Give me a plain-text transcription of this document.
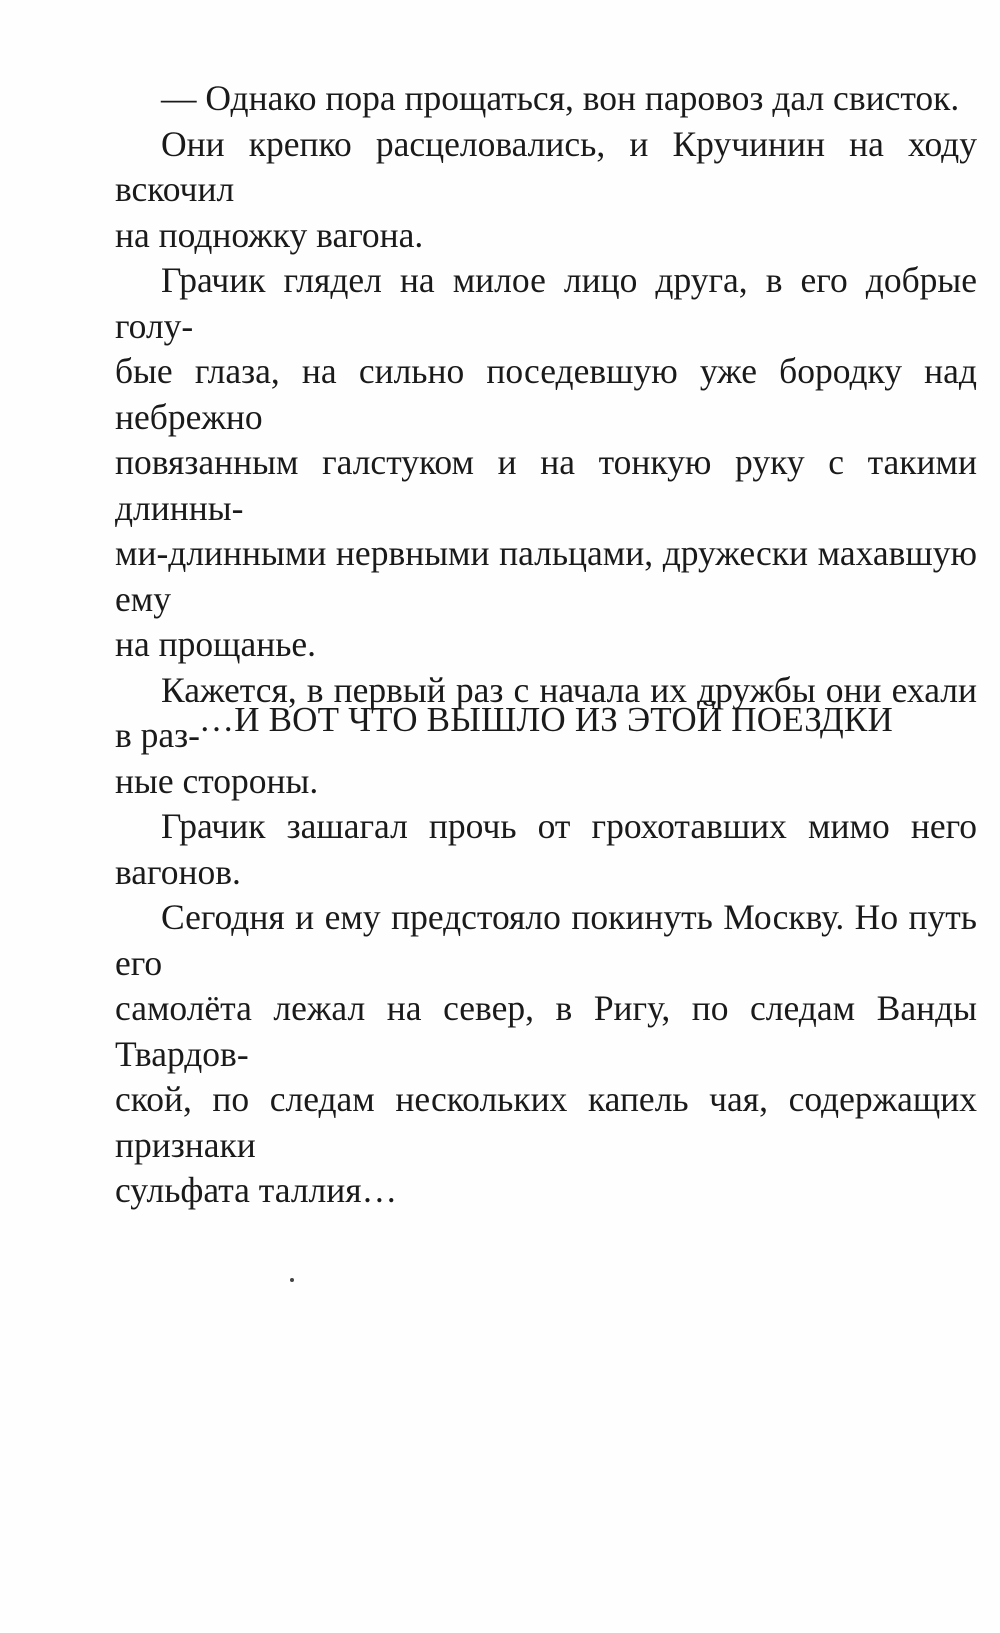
— Однако пора прощаться, вон паровоз дал свисток.

Они крепко расцеловались, и Кручинин на ходу вскочил
на подножку вагона.

Грачик глядел на милое лицо друга, в его добрые голу-
бые глаза, на сильно поседевшую уже бородку над небрежно
повязанным галстуком и на тонкую руку с такими длинны-
ми-длинными нервными пальцами, дружески махавшую ему
на прощанье.

Кажется, в первый раз с начала их дружбы они ехали в раз-
ные стороны.

Грачик зашагал прочь от грохотавших мимо него вагонов.

Сегодня и ему предстояло покинуть Москву. Но путь его
самолёта лежал на север, в Ригу, по следам Ванды Твардов-
ской, по следам нескольких капель чая, содержащих признаки
сульфата таллия…

…И ВОТ ЧТО ВЫШЛО ИЗ ЭТОЙ ПОЕЗДКИ
